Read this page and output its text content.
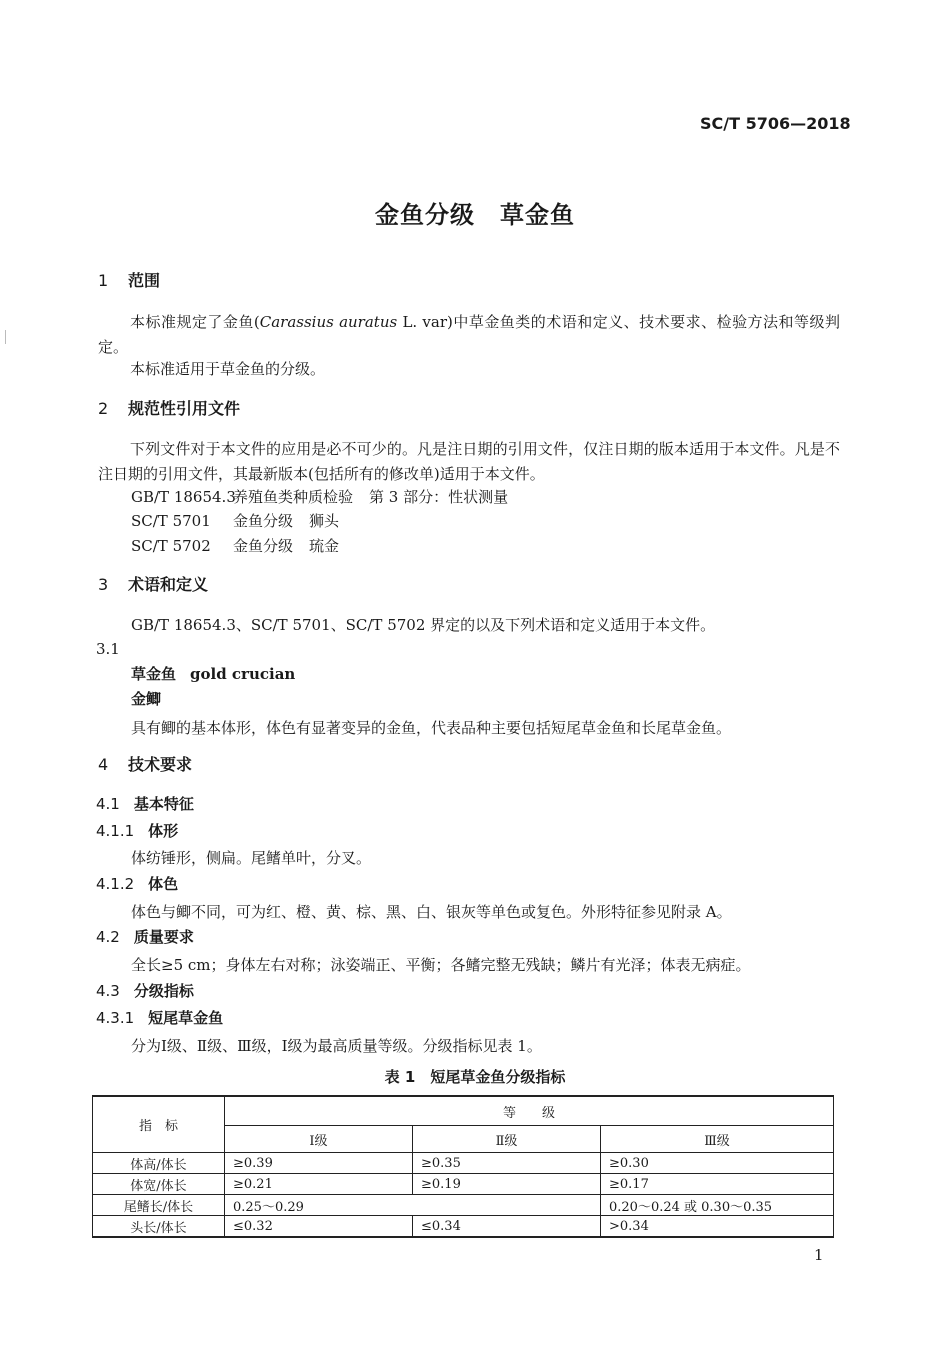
SC/T 5706—2018
金鱼分级　草金鱼
1 范围
本标准规定了金鱼(Carassius auratus L. var)中草金鱼类的术语和定义、技术要求、检验方法和等级判定。
本标准适用于草金鱼的分级。
2 规范性引用文件
下列文件对于本文件的应用是必不可少的。凡是注日期的引用文件，仅注日期的版本适用于本文件。凡是不注日期的引用文件，其最新版本(包括所有的修改单)适用于本文件。
GB/T 18654.3养殖鱼类种质检验 第 3 部分：性状测量
SC/T 5701 金鱼分级 狮头
SC/T 5702 金鱼分级 琉金
3 术语和定义
GB/T 18654.3、SC/T 5701、SC/T 5702 界定的以及下列术语和定义适用于本文件。
3.1
草金鱼 gold crucian
金鲫
具有鲫的基本体形，体色有显著变异的金鱼，代表品种主要包括短尾草金鱼和长尾草金鱼。
4 技术要求
4.1 基本特征
4.1.1 体形
体纺锤形，侧扁。尾鳍单叶，分叉。
4.1.2 体色
体色与鲫不同，可为红、橙、黄、棕、黑、白、银灰等单色或复色。外形特征参见附录 A。
4.2 质量要求
全长≥5 cm；身体左右对称；泳姿端正、平衡；各鳍完整无残缺；鳞片有光泽；体表无病症。
4.3 分级指标
4.3.1 短尾草金鱼
分为Ⅰ级、Ⅱ级、Ⅲ级，Ⅰ级为最高质量等级。分级指标见表 1。
表 1　短尾草金鱼分级指标
指　标	等　　级		
	Ⅰ级	Ⅱ级	Ⅲ级
体高/体长	≥0.39	≥0.35	≥0.30
体宽/体长	≥0.21	≥0.19	≥0.17
尾鳍长/体长	0.25～0.29		0.20～0.24 或 0.30～0.35
头长/体长	≤0.32	≤0.34	>0.34
1
